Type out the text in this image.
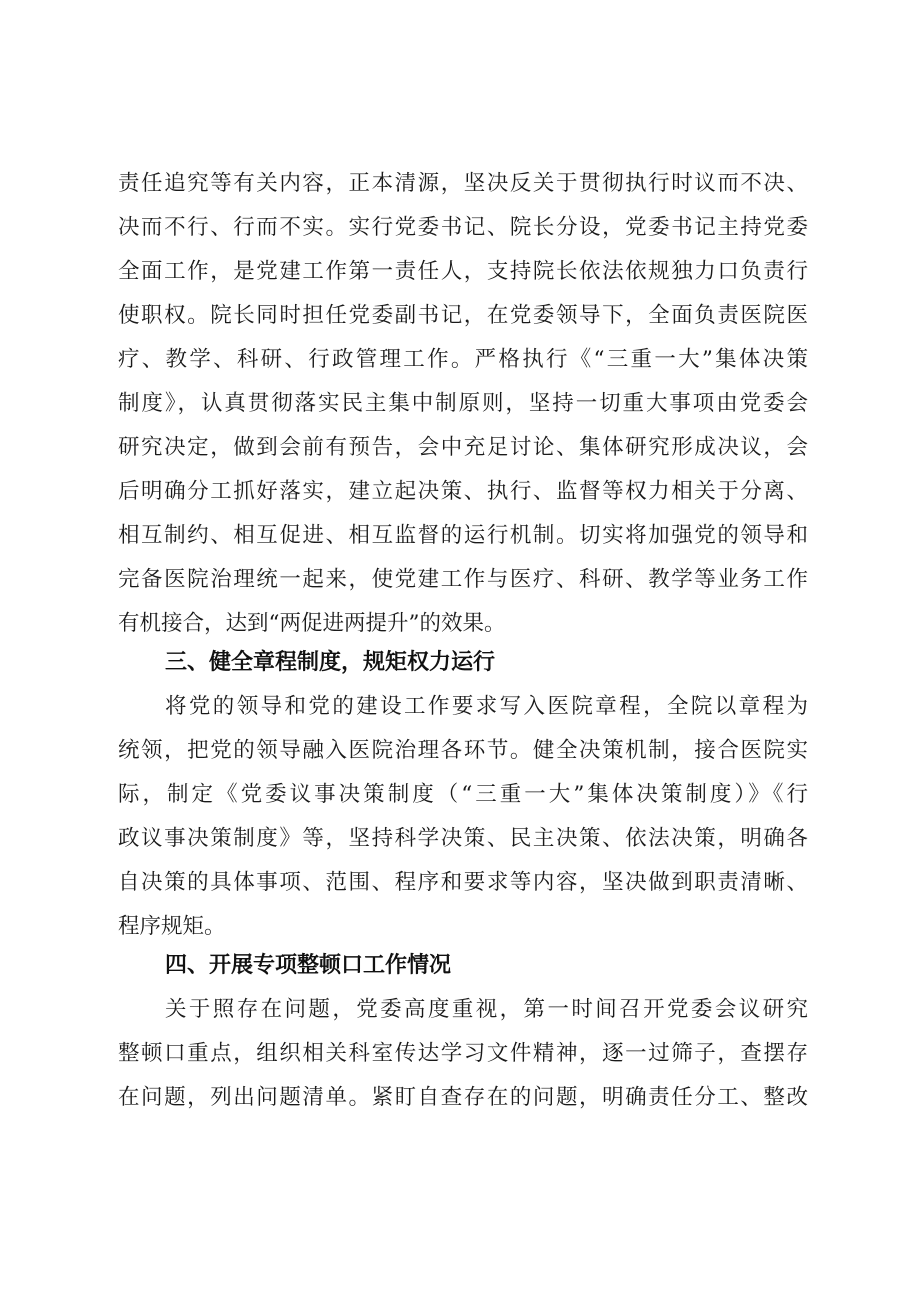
责任追究等有关内容，正本清源，坚决反关于贯彻执行时议而不决、
决而不行、行而不实。实行党委书记、院长分设，党委书记主持党委
全面工作，是党建工作第一责任人，支持院长依法依规独力口负责行
使职权。院长同时担任党委副书记，在党委领导下，全面负责医院医
疗、教学、科研、行政管理工作。严格执行《“三重一大”集体决策
制度》，认真贯彻落实民主集中制原则，坚持一切重大事项由党委会
研究决定，做到会前有预告，会中充足讨论、集体研究形成决议，会
后明确分工抓好落实，建立起决策、执行、监督等权力相关于分离、
相互制约、相互促进、相互监督的运行机制。切实将加强党的领导和
完备医院治理统一起来，使党建工作与医疗、科研、教学等业务工作
有机接合，达到“两促进两提升”的效果。
三、健全章程制度，规矩权力运行
将党的领导和党的建设工作要求写入医院章程，全院以章程为
统领，把党的领导融入医院治理各环节。健全决策机制，接合医院实
际，制定《党委议事决策制度（“三重一大”集体决策制度）》《行
政议事决策制度》等，坚持科学决策、民主决策、依法决策，明确各
自决策的具体事项、范围、程序和要求等内容，坚决做到职责清晰、
程序规矩。
四、开展专项整顿口工作情况
关于照存在问题，党委高度重视，第一时间召开党委会议研究
整顿口重点，组织相关科室传达学习文件精神，逐一过筛子，查摆存
在问题，列出问题清单。紧盯自查存在的问题，明确责任分工、整改
